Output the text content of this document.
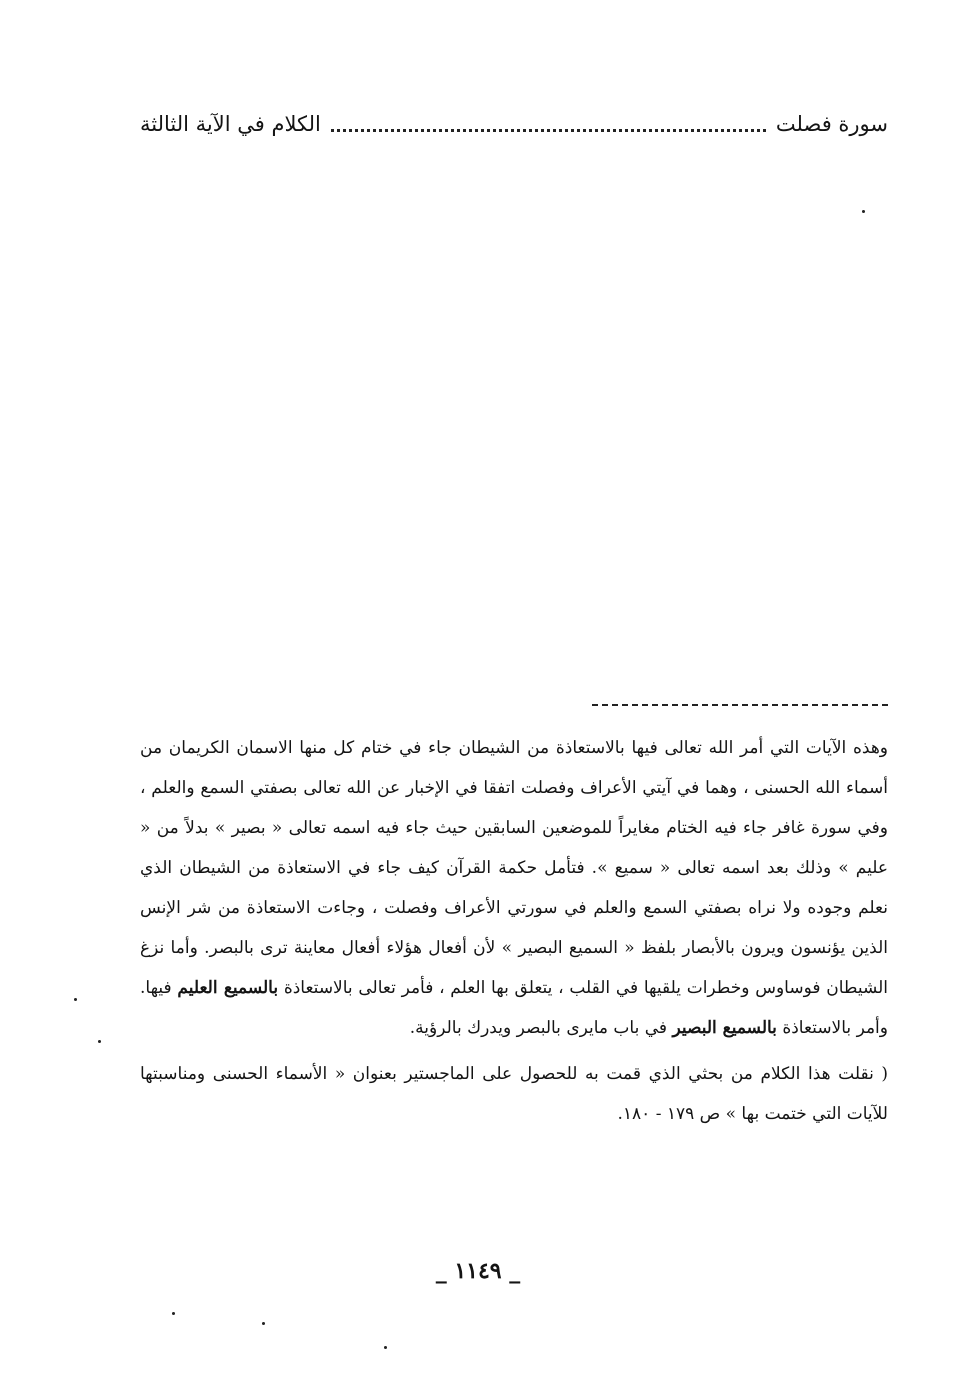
سورة فصلت
الكلام في الآية الثالثة

وهذه الآيات التي أمر الله تعالى فيها بالاستعاذة من الشيطان جاء في ختام كل منها الاسمان الكريمان من أسماء الله الحسنى ، وهما في آيتي الأعراف وفصلت اتفقا في الإخبار عن الله تعالى بصفتي السمع والعلم ، وفي سورة غافر جاء فيه الختام مغايراً للموضعين السابقين حيث جاء فيه اسمه تعالى « بصير » بدلاً من « عليم » وذلك بعد اسمه تعالى « سميع ». فتأمل حكمة القرآن كيف جاء في الاستعاذة من الشيطان الذي نعلم وجوده ولا نراه بصفتي السمع والعلم في سورتي الأعراف وفصلت ، وجاءت الاستعاذة من شر الإنس الذين يؤنسون ويرون بالأبصار بلفظ « السميع البصير » لأن أفعال هؤلاء أفعال معاينة ترى بالبصر. وأما نزغ الشيطان فوساوس وخطرات يلقيها في القلب ، يتعلق بها العلم ، فأمر تعالى بالاستعاذة بالسميع العليم فيها. وأمر بالاستعاذة بالسميع البصير في باب مايرى بالبصر ويدرك بالرؤية.

( نقلت هذا الكلام من بحثي الذي قمت به للحصول على الماجستير بعنوان « الأسماء الحسنى ومناسبتها للآيات التي ختمت بها » ص ١٧٩ - ١٨٠.

_ ١١٤٩ _
